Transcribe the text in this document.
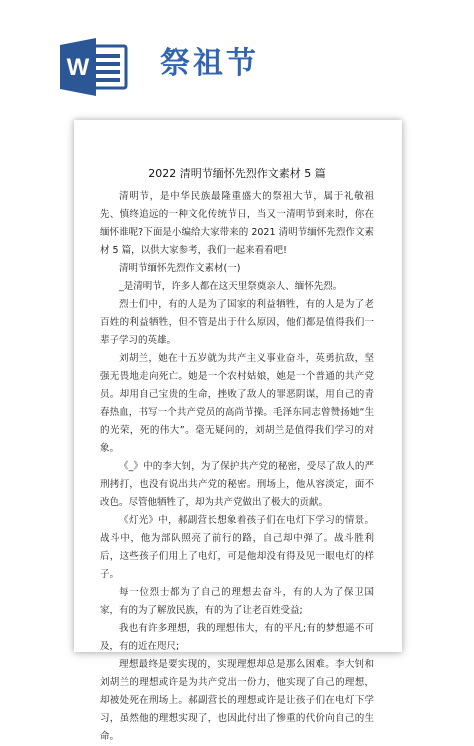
W 祭祖节
2022 清明节缅怀先烈作文素材 5 篇

清明节，是中华民族最隆重盛大的祭祖大节，属于礼敬祖先、慎终追远的一种文化传统节日，当又一清明节到来时，你在缅怀谁呢?下面是小编给大家带来的 2021 清明节缅怀先烈作文素材 5 篇，以供大家参考，我们一起来看看吧!

清明节缅怀先烈作文素材(一)

_是清明节，许多人都在这天里祭奠亲人、缅怀先烈。

烈士们中，有的人是为了国家的利益牺牲，有的人是为了老百姓的利益牺牲，但不管是出于什么原因，他们都是值得我们一辈子学习的英雄。

刘胡兰，她在十五岁就为共产主义事业奋斗，英勇抗敌，坚强无畏地走向死亡。她是一个农村姑娘，她是一个普通的共产党员。却用自己宝贵的生命，挫败了敌人的罪恶阴谋，用自己的青春热血，书写一个共产党员的高尚节操。毛泽东同志曾赞扬她“生的光荣，死的伟大”。毫无疑问的，刘胡兰是值得我们学习的对象。

《_》中的李大钊，为了保护共产党的秘密，受尽了敌人的严刑拷打，也没有说出共产党的秘密。刑场上，他从容淡定，面不改色。尽管他牺牲了，却为共产党做出了极大的贡献。

《灯光》中，郝副营长想象着孩子们在电灯下学习的情景。战斗中，他为部队照亮了前行的路，自己却中弹了。战斗胜利后，这些孩子们用上了电灯，可是他却没有得及见一眼电灯的样子。

每一位烈士都为了自己的理想去奋斗，有的人为了保卫国家，有的为了解放民族，有的为了让老百姓受益;

我也有许多理想，我的理想伟大，有的平凡;有的梦想遥不可及，有的近在咫尺;

理想最终是要实现的，实现理想却总是那么困难。李大钊和刘胡兰的理想或许是为共产党出一份力，他实现了自己的理想，却被处死在刑场上。郝副营长的理想或许是让孩子们在电灯下学习，虽然他的理想实现了，也因此付出了惨重的代价向自己的生命。
